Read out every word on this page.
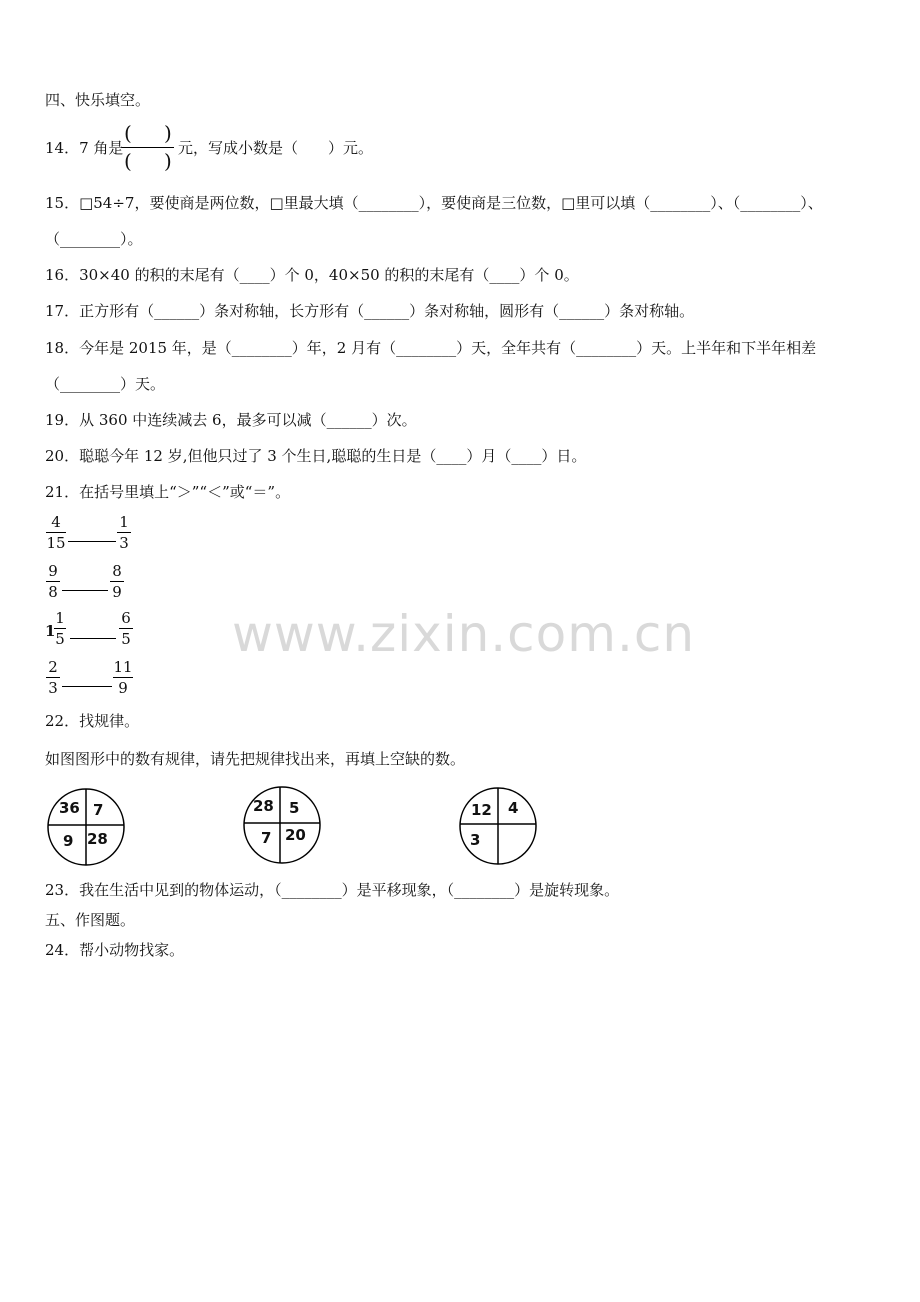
www.zixin.com.cn
四、快乐填空。
14．7 角是
( )
( )
元，写成小数是（　　）元。
15．□54÷7，要使商是两位数，□里最大填（________），要使商是三位数，□里可以填（________）、（________）、
（________）。
16．30×40 的积的末尾有（____）个 0，40×50 的积的末尾有（____）个 0。
17．正方形有（______）条对称轴，长方形有（______）条对称轴，圆形有（______）条对称轴。
18．今年是 2015 年，是（________）年，2 月有（________）天，全年共有（________）天。上半年和下半年相差
（________）天。
19．从 360 中连续减去 6，最多可以减（______）次。
20．聪聪今年 12 岁,但他只过了 3 个生日,聪聪的生日是（____）月（____）日。
21．在括号里填上“＞”“＜”或“＝”。
4
15
1
3
9
8
8
9
1
1
5
6
5
2
3
11
9
22．找规律。
如图图形中的数有规律，请先把规律找出来，再填上空缺的数。
36 7
9 28
28 5
7 20
12 4
3
23．我在生活中见到的物体运动，（________）是平移现象，（________）是旋转现象。
五、作图题。
24．帮小动物找家。
